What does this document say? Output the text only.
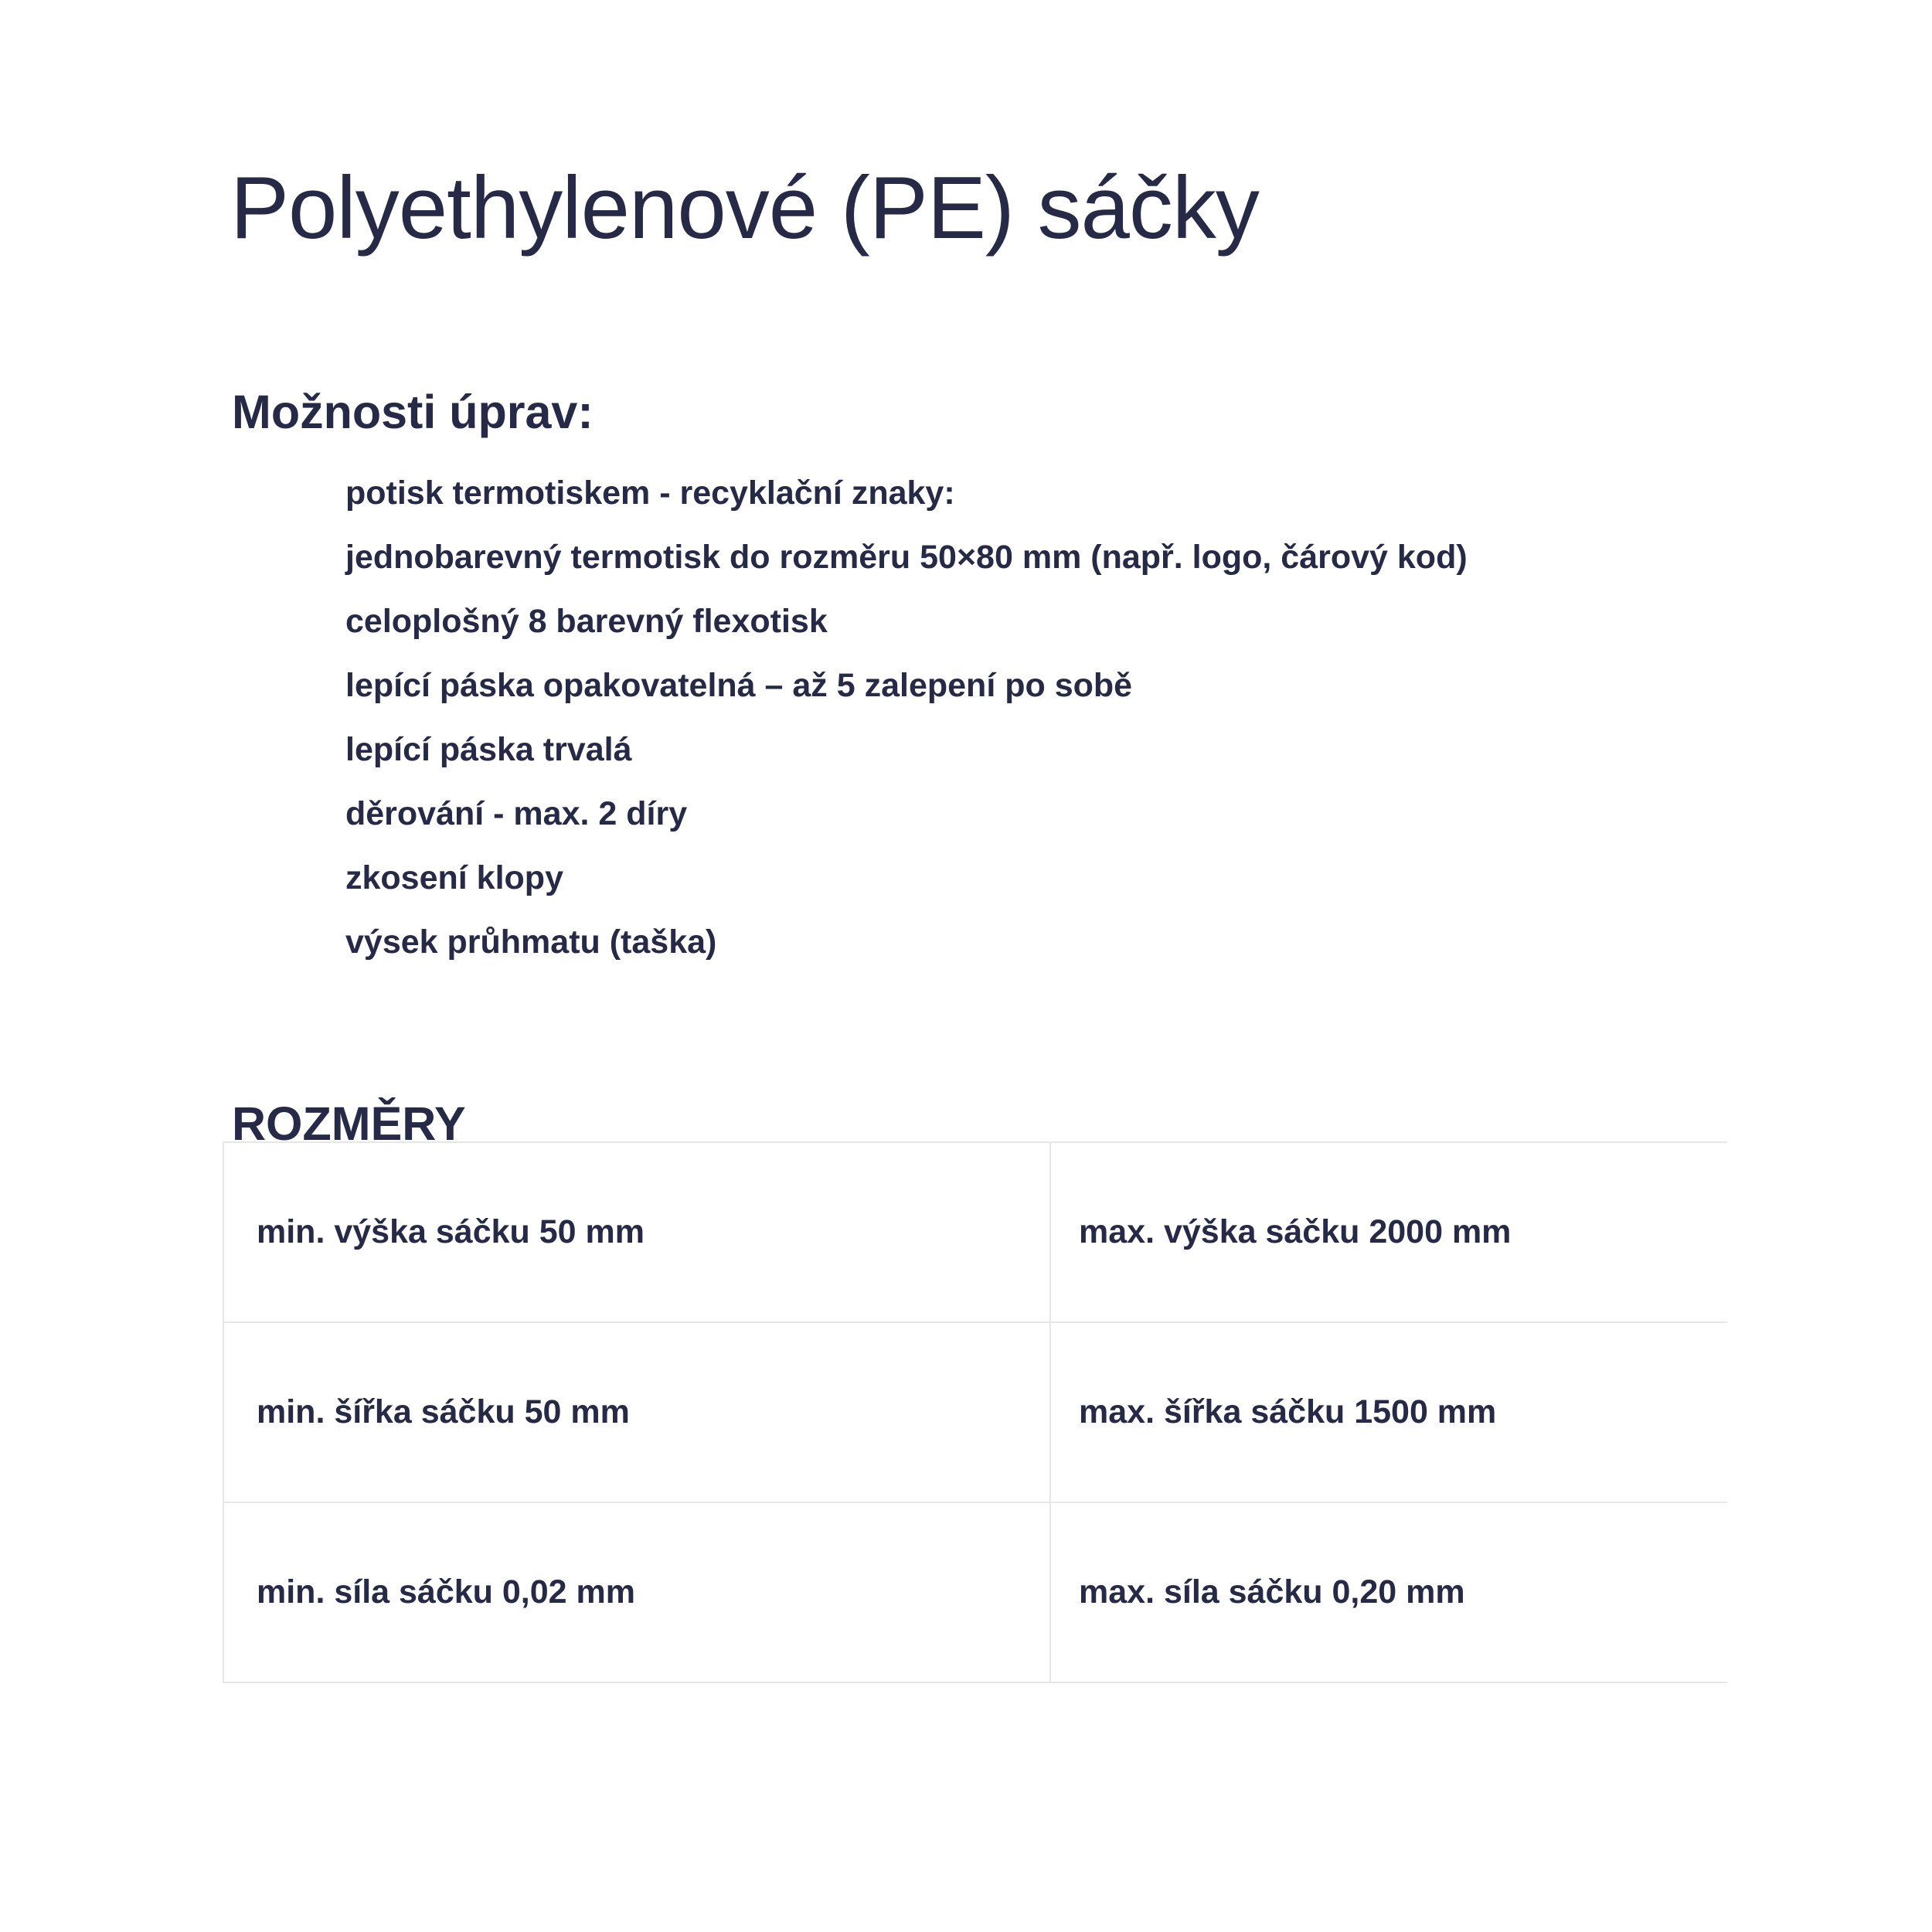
Polyethylenové (PE) sáčky
Možnosti úprav:
potisk termotiskem - recyklační znaky:
jednobarevný termotisk do rozměru 50×80 mm (např. logo, čárový kod)
celoplošný 8 barevný flexotisk
lepící páska opakovatelná – až 5 zalepení po sobě
lepící páska trvalá
děrování - max. 2 díry
zkosení klopy
výsek průhmatu (taška)
ROZMĚRY
min. výška sáčku 50 mm	max. výška sáčku 2000 mm
min. šířka sáčku 50 mm	max. šířka sáčku 1500 mm
min. síla sáčku 0,02 mm	max. síla sáčku 0,20 mm
